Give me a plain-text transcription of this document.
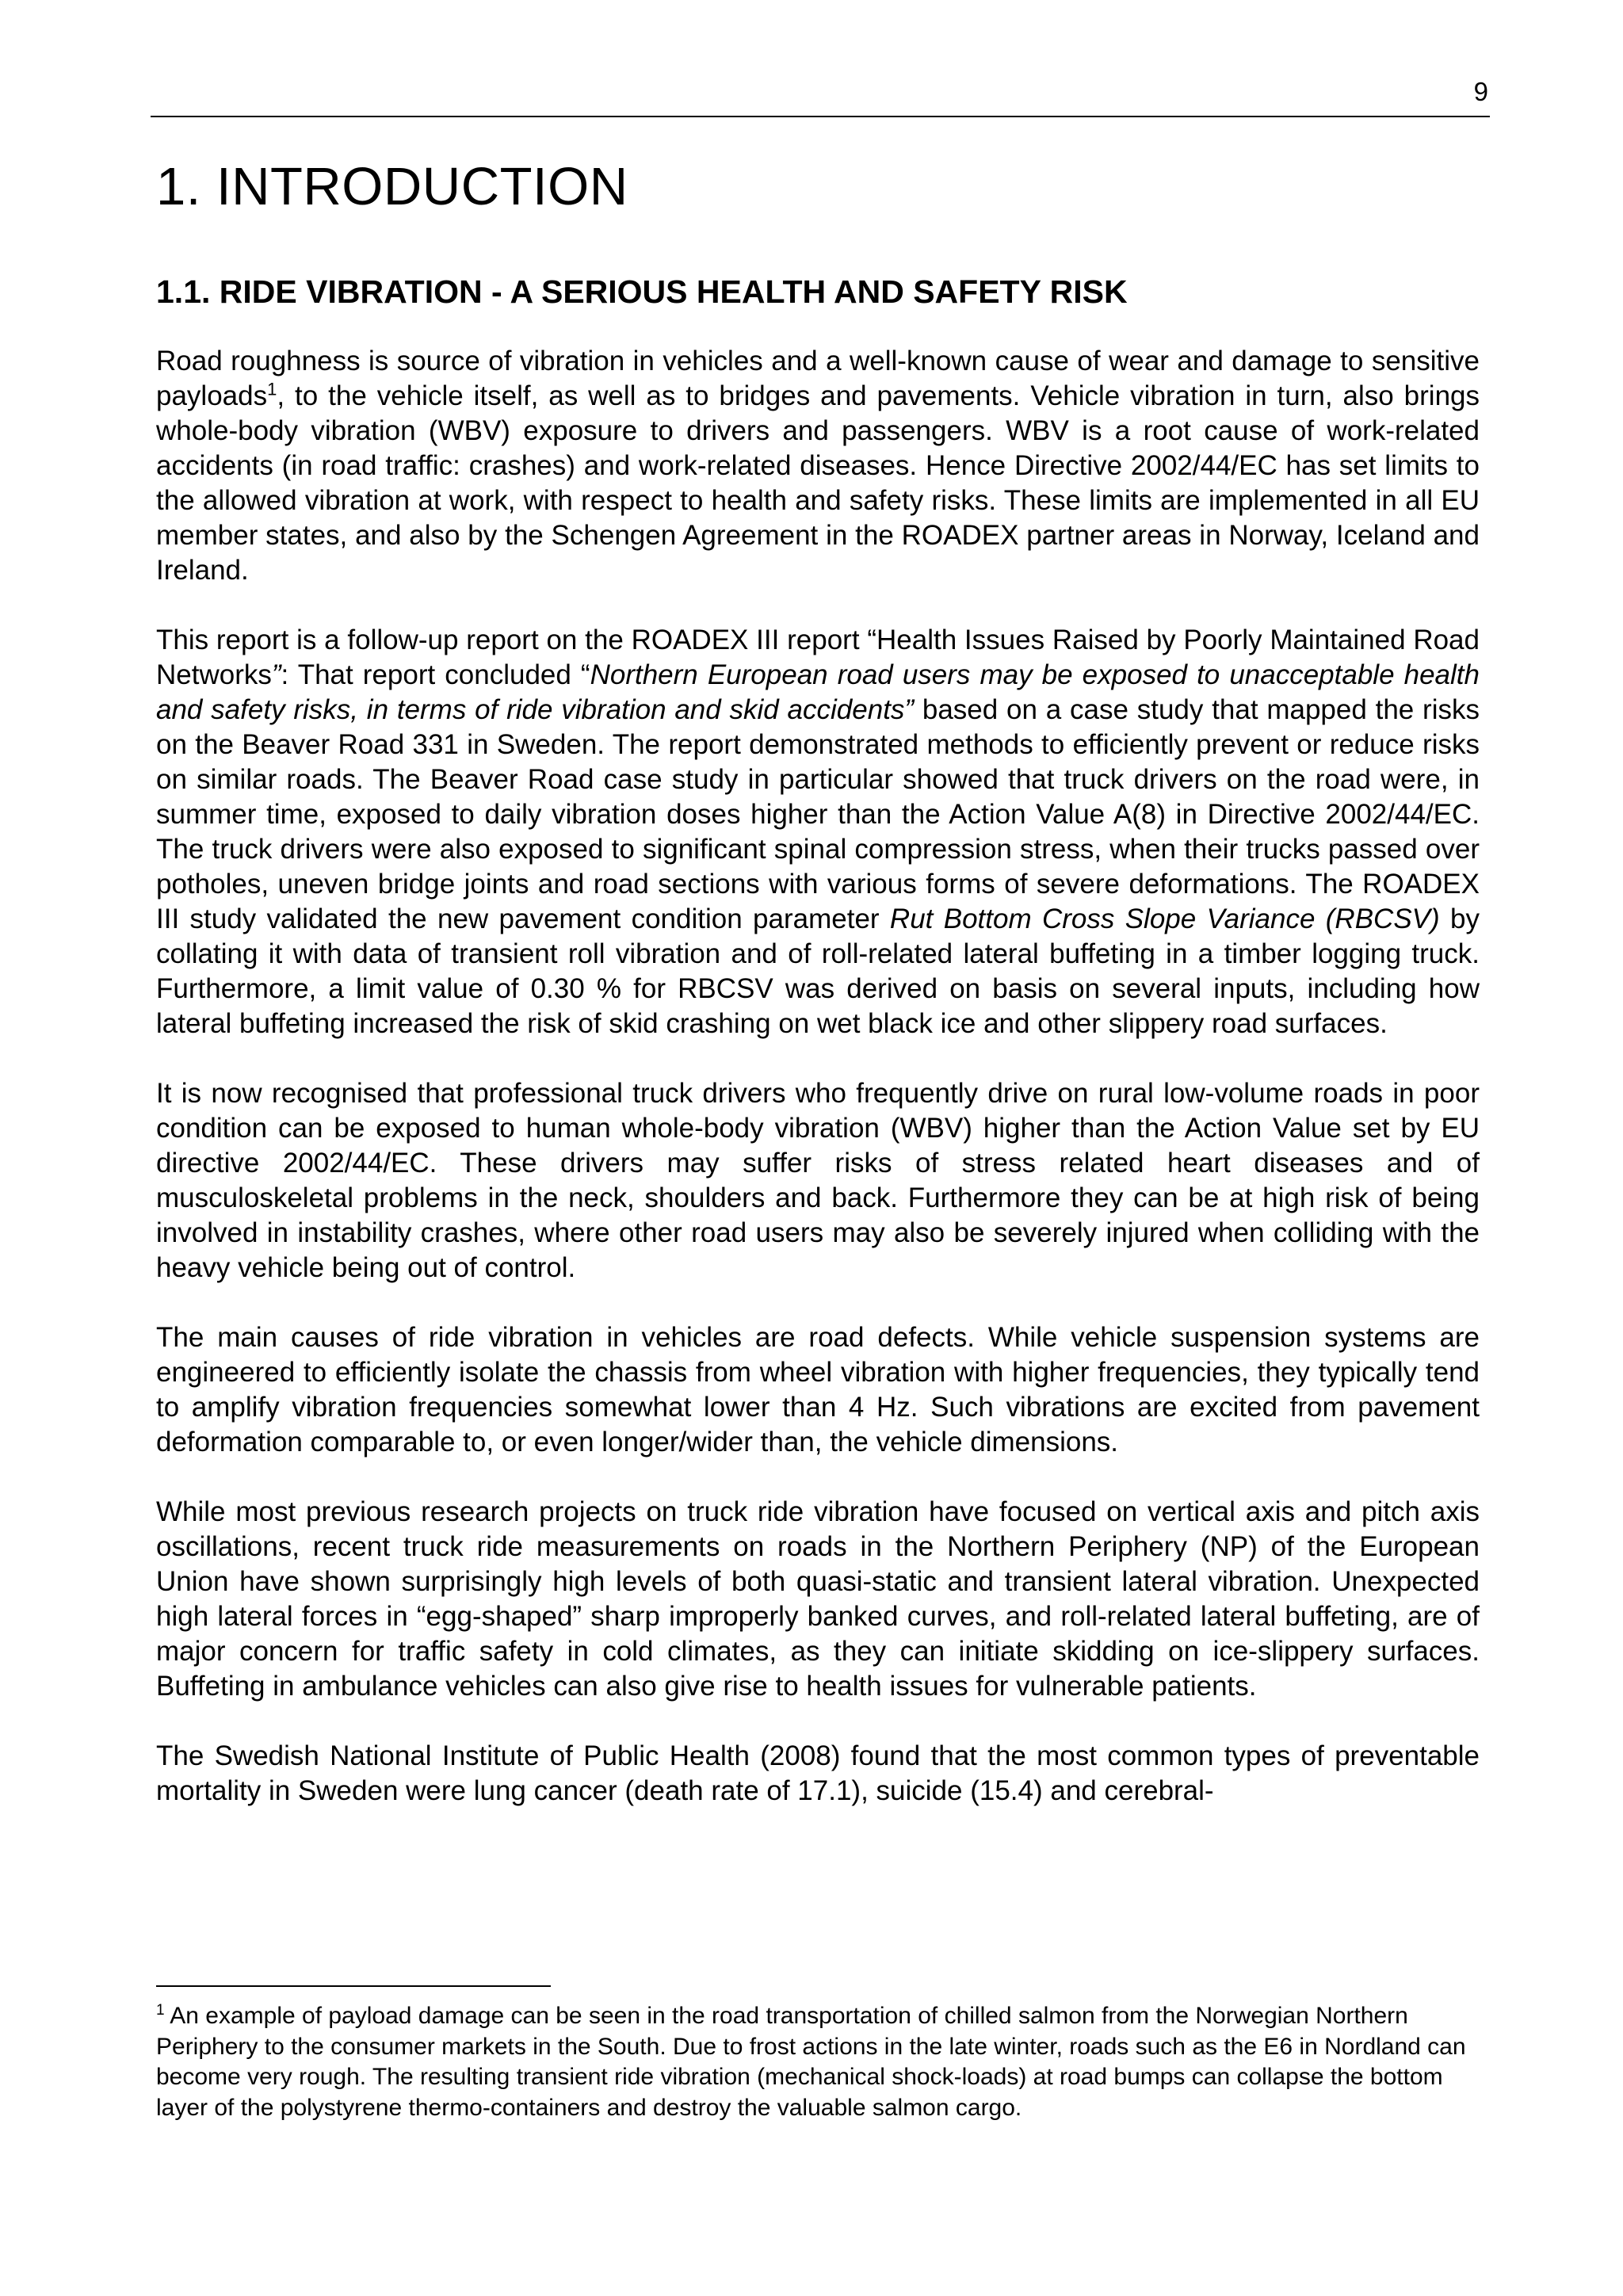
9
1. INTRODUCTION
1.1. RIDE VIBRATION - A SERIOUS HEALTH AND SAFETY RISK

Road roughness is source of vibration in vehicles and a well-known cause of wear and damage to sensitive payloads$^1$, to the vehicle itself, as well as to bridges and pavements. Vehicle vibration in turn, also brings whole-body vibration (WBV) exposure to drivers and passengers. WBV is a root cause of work-related accidents (in road traffic: crashes) and work-related diseases. Hence Directive 2002/44/EC has set limits to the allowed vibration at work, with respect to health and safety risks. These limits are implemented in all EU member states, and also by the Schengen Agreement in the ROADEX partner areas in Norway, Iceland and Ireland.

This report is a follow-up report on the ROADEX III report “Health Issues Raised by Poorly Maintained Road Networks”: That report concluded “Northern European road users may be exposed to unacceptable health and safety risks, in terms of ride vibration and skid accidents” based on a case study that mapped the risks on the Beaver Road 331 in Sweden. The report demonstrated methods to efficiently prevent or reduce risks on similar roads. The Beaver Road case study in particular showed that truck drivers on the road were, in summer time, exposed to daily vibration doses higher than the Action Value A(8) in Directive 2002/44/EC. The truck drivers were also exposed to significant spinal compression stress, when their trucks passed over potholes, uneven bridge joints and road sections with various forms of severe deformations. The ROADEX III study validated the new pavement condition parameter Rut Bottom Cross Slope Variance (RBCSV) by collating it with data of transient roll vibration and of roll-related lateral buffeting in a timber logging truck. Furthermore, a limit value of 0.30 % for RBCSV was derived on basis on several inputs, including how lateral buffeting increased the risk of skid crashing on wet black ice and other slippery road surfaces.

It is now recognised that professional truck drivers who frequently drive on rural low-volume roads in poor condition can be exposed to human whole-body vibration (WBV) higher than the Action Value set by EU directive 2002/44/EC. These drivers may suffer risks of stress related heart diseases and of musculoskeletal problems in the neck, shoulders and back. Furthermore they can be at high risk of being involved in instability crashes, where other road users may also be severely injured when colliding with the heavy vehicle being out of control.

The main causes of ride vibration in vehicles are road defects. While vehicle suspension systems are engineered to efficiently isolate the chassis from wheel vibration with higher frequencies, they typically tend to amplify vibration frequencies somewhat lower than 4 Hz. Such vibrations are excited from pavement deformation comparable to, or even longer/wider than, the vehicle dimensions.

While most previous research projects on truck ride vibration have focused on vertical axis and pitch axis oscillations, recent truck ride measurements on roads in the Northern Periphery (NP) of the European Union have shown surprisingly high levels of both quasi-static and transient lateral vibration. Unexpected high lateral forces in “egg-shaped” sharp improperly banked curves, and roll-related lateral buffeting, are of major concern for traffic safety in cold climates, as they can initiate skidding on ice-slippery surfaces. Buffeting in ambulance vehicles can also give rise to health issues for vulnerable patients.

The Swedish National Institute of Public Health (2008) found that the most common types of preventable mortality in Sweden were lung cancer (death rate of 17.1), suicide (15.4) and cerebral-

$^1$ An example of payload damage can be seen in the road transportation of chilled salmon from the Norwegian Northern Periphery to the consumer markets in the South. Due to frost actions in the late winter, roads such as the E6 in Nordland can become very rough. The resulting transient ride vibration (mechanical shock-loads) at road bumps can collapse the bottom layer of the polystyrene thermo-containers and destroy the valuable salmon cargo.
